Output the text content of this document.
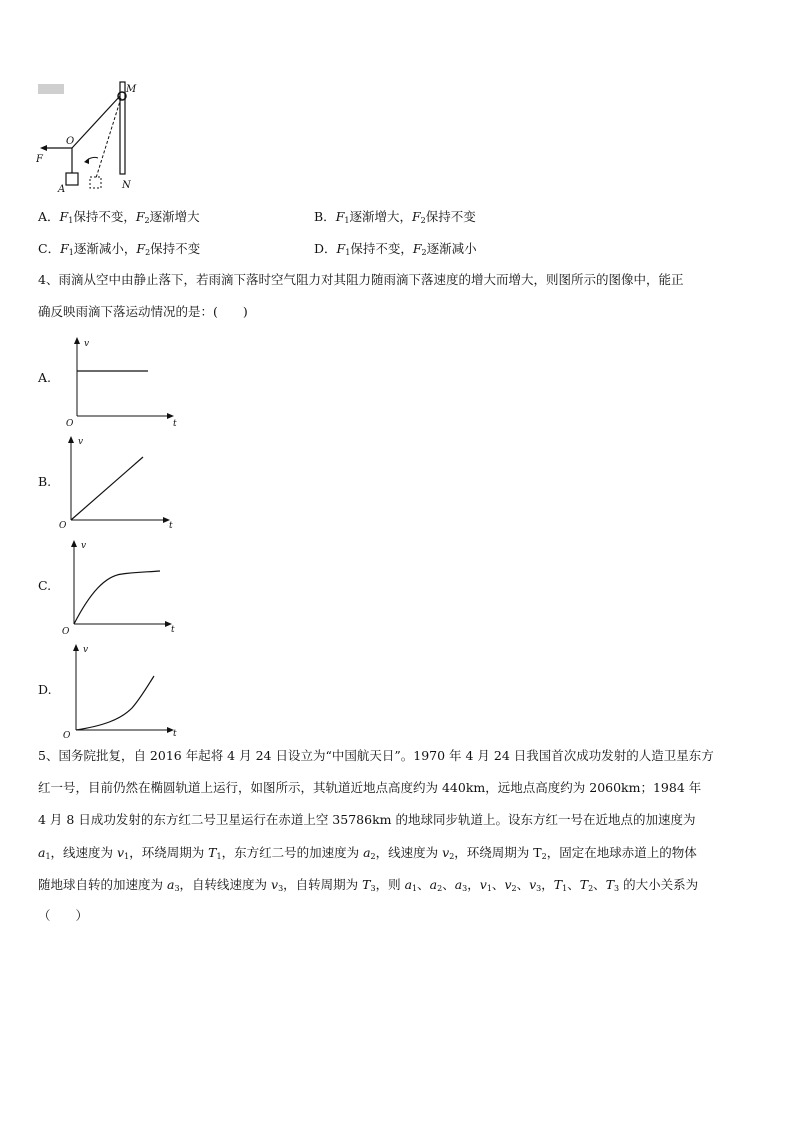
M
O
F
A	N
A．$F_1$保持不变，$F_2$逐渐增大	B．$F_1$逐渐增大，$F_2$保持不变
C．$F_1$逐渐减小，$F_2$保持不变	D．$F_1$保持不变，$F_2$逐渐减小
4、雨滴从空中由静止落下，若雨滴下落时空气阻力对其阻力随雨滴下落速度的增大而增大，则图所示的图像中，能正
确反映雨滴下落运动情况的是：(　　)
A.
v
t
O
B.
v
t
O
C.
v
t
O
D.
v
t
O
5、国务院批复，自 2016 年起将 4 月 24 日设立为“中国航天日”。1970 年 4 月 24 日我国首次成功发射的人造卫星东方
红一号，目前仍然在椭圆轨道上运行，如图所示，其轨道近地点高度约为 440km，远地点高度约为 2060km；1984 年
4 月 8 日成功发射的东方红二号卫星运行在赤道上空 35786km 的地球同步轨道上。设东方红一号在近地点的加速度为
$a_1$，线速度为 $v_1$，环绕周期为 $T_1$，东方红二号的加速度为 $a_2$，线速度为 $v_2$，环绕周期为 $T_2$，固定在地球赤道上的物体
随地球自转的加速度为 $a_3$，自转线速度为 $v_3$，自转周期为 $T_3$，则 $a_1$、$a_2$、$a_3$，$v_1$、$v_2$、$v_3$，$T_1$、$T_2$、$T_3$ 的大小关系为
（　　）
